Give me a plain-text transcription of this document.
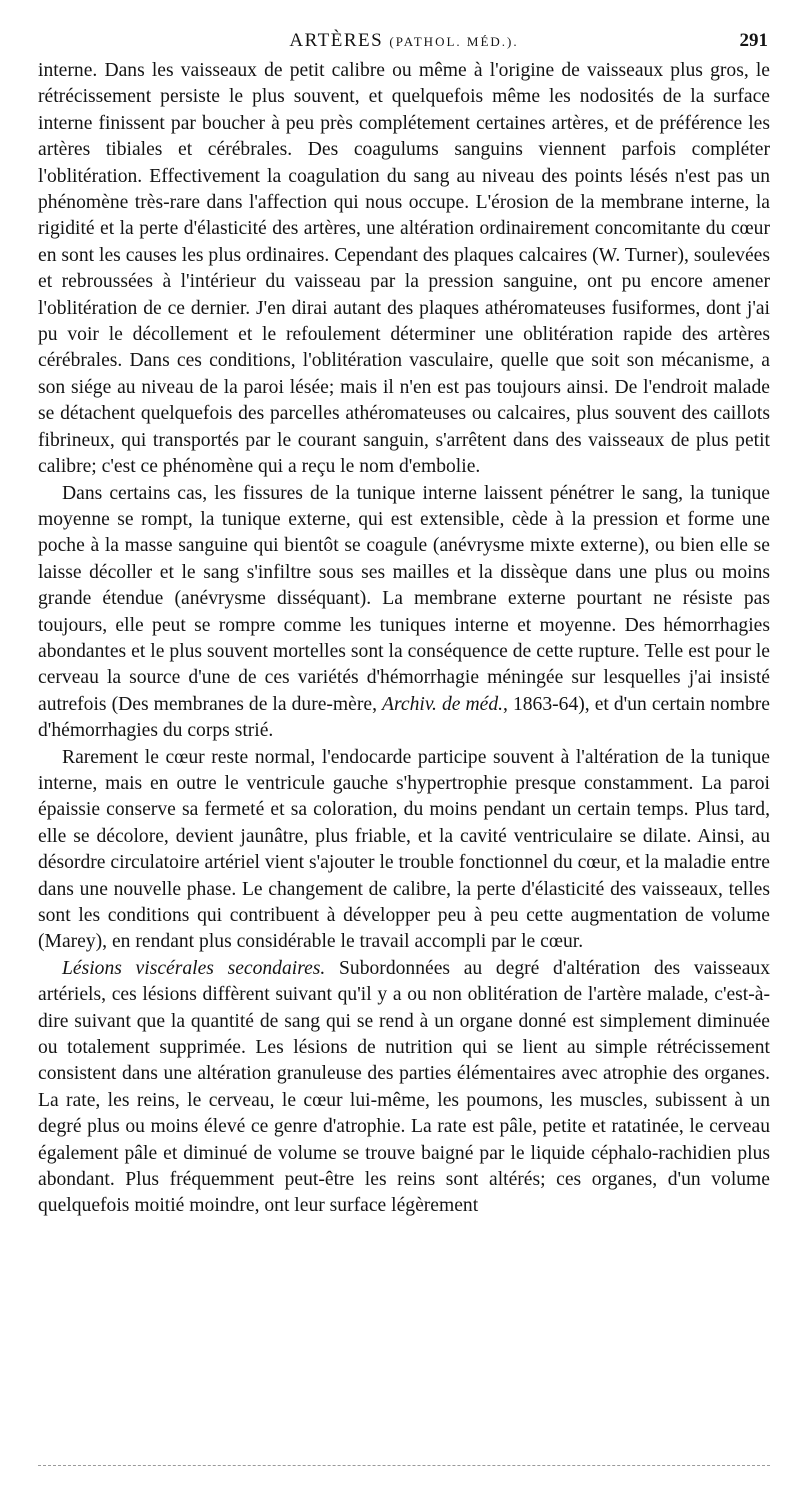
ARTÈRES (PATHOL. MÉD.).	291

interne. Dans les vaisseaux de petit calibre ou même à l'origine de vaisseaux plus gros, le rétrécissement persiste le plus souvent, et quelquefois même les nodosités de la surface interne finissent par boucher à peu près complétement certaines artères, et de préférence les artères tibiales et cérébrales. Des coagulums sanguins viennent parfois compléter l'oblitération. Effectivement la coagulation du sang au niveau des points lésés n'est pas un phénomène très-rare dans l'affection qui nous occupe. L'érosion de la membrane interne, la rigidité et la perte d'élasticité des artères, une altération ordinairement concomitante du cœur en sont les causes les plus ordinaires. Cependant des plaques calcaires (W. Turner), soulevées et rebroussées à l'intérieur du vaisseau par la pression sanguine, ont pu encore amener l'oblitération de ce dernier. J'en dirai autant des plaques athéromateuses fusiformes, dont j'ai pu voir le décollement et le refoulement déterminer une oblitération rapide des artères cérébrales. Dans ces conditions, l'oblitération vasculaire, quelle que soit son mécanisme, a son siége au niveau de la paroi lésée; mais il n'en est pas toujours ainsi. De l'endroit malade se détachent quelquefois des parcelles athéromateuses ou calcaires, plus souvent des caillots fibrineux, qui transportés par le courant sanguin, s'arrêtent dans des vaisseaux de plus petit calibre; c'est ce phénomène qui a reçu le nom d'embolie.

Dans certains cas, les fissures de la tunique interne laissent pénétrer le sang, la tunique moyenne se rompt, la tunique externe, qui est extensible, cède à la pression et forme une poche à la masse sanguine qui bientôt se coagule (anévrysme mixte externe), ou bien elle se laisse décoller et le sang s'infiltre sous ses mailles et la dissèque dans une plus ou moins grande étendue (anévrysme disséquant). La membrane externe pourtant ne résiste pas toujours, elle peut se rompre comme les tuniques interne et moyenne. Des hémorrhagies abondantes et le plus souvent mortelles sont la conséquence de cette rupture. Telle est pour le cerveau la source d'une de ces variétés d'hémorrhagie méningée sur lesquelles j'ai insisté autrefois (Des membranes de la dure-mère, Archiv. de méd., 1863-64), et d'un certain nombre d'hémorrhagies du corps strié.

Rarement le cœur reste normal, l'endocarde participe souvent à l'altération de la tunique interne, mais en outre le ventricule gauche s'hypertrophie presque constamment. La paroi épaissie conserve sa fermeté et sa coloration, du moins pendant un certain temps. Plus tard, elle se décolore, devient jaunâtre, plus friable, et la cavité ventriculaire se dilate. Ainsi, au désordre circulatoire artériel vient s'ajouter le trouble fonctionnel du cœur, et la maladie entre dans une nouvelle phase. Le changement de calibre, la perte d'élasticité des vaisseaux, telles sont les conditions qui contribuent à développer peu à peu cette augmentation de volume (Marey), en rendant plus considérable le travail accompli par le cœur.

Lésions viscérales secondaires. Subordonnées au degré d'altération des vaisseaux artériels, ces lésions diffèrent suivant qu'il y a ou non oblitération de l'artère malade, c'est-à-dire suivant que la quantité de sang qui se rend à un organe donné est simplement diminuée ou totalement supprimée. Les lésions de nutrition qui se lient au simple rétrécissement consistent dans une altération granuleuse des parties élémentaires avec atrophie des organes. La rate, les reins, le cerveau, le cœur lui-même, les poumons, les muscles, subissent à un degré plus ou moins élevé ce genre d'atrophie. La rate est pâle, petite et ratatinée, le cerveau également pâle et diminué de volume se trouve baigné par le liquide céphalo-rachidien plus abondant. Plus fréquemment peut-être les reins sont altérés; ces organes, d'un volume quelquefois moitié moindre, ont leur surface légèrement
